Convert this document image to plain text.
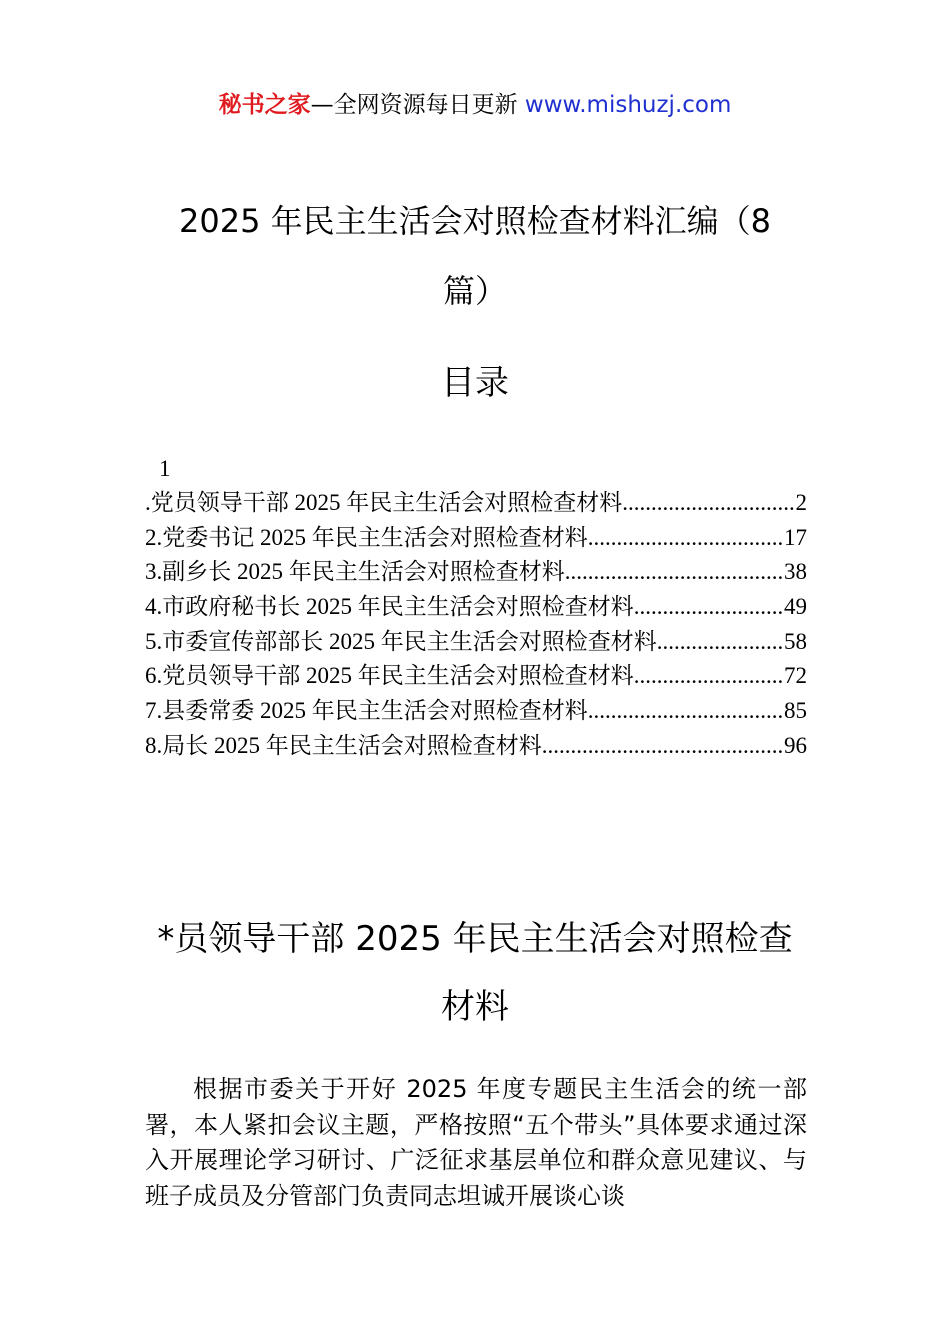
秘书之家—全网资源每日更新 www.mishuzj.com
2025 年民主生活会对照检查材料汇编（8
篇）
目录
1
.党员领导干部 2025 年民主生活会对照检查材料 .....	2
2.党委书记 2025 年民主生活会对照检查材料 .....	17
3.副乡长 2025 年民主生活会对照检查材料 .....	38
4.市政府秘书长 2025 年民主生活会对照检查材料 .....	49
5.市委宣传部部长 2025 年民主生活会对照检查材料 .....	58
6.党员领导干部 2025 年民主生活会对照检查材料 .....	72
7.县委常委 2025 年民主生活会对照检查材料 .....	85
8.局长 2025 年民主生活会对照检查材料 .....	96
*员领导干部 2025 年民主生活会对照检查材料
根据市委关于开好 2025 年度专题民主生活会的统一部署，本人紧扣会议主题，严格按照“五个带头”具体要求通过深入开展理论学习研讨、广泛征求基层单位和群众意见建议、与班子成员及分管部门负责同志坦诚开展谈心谈
